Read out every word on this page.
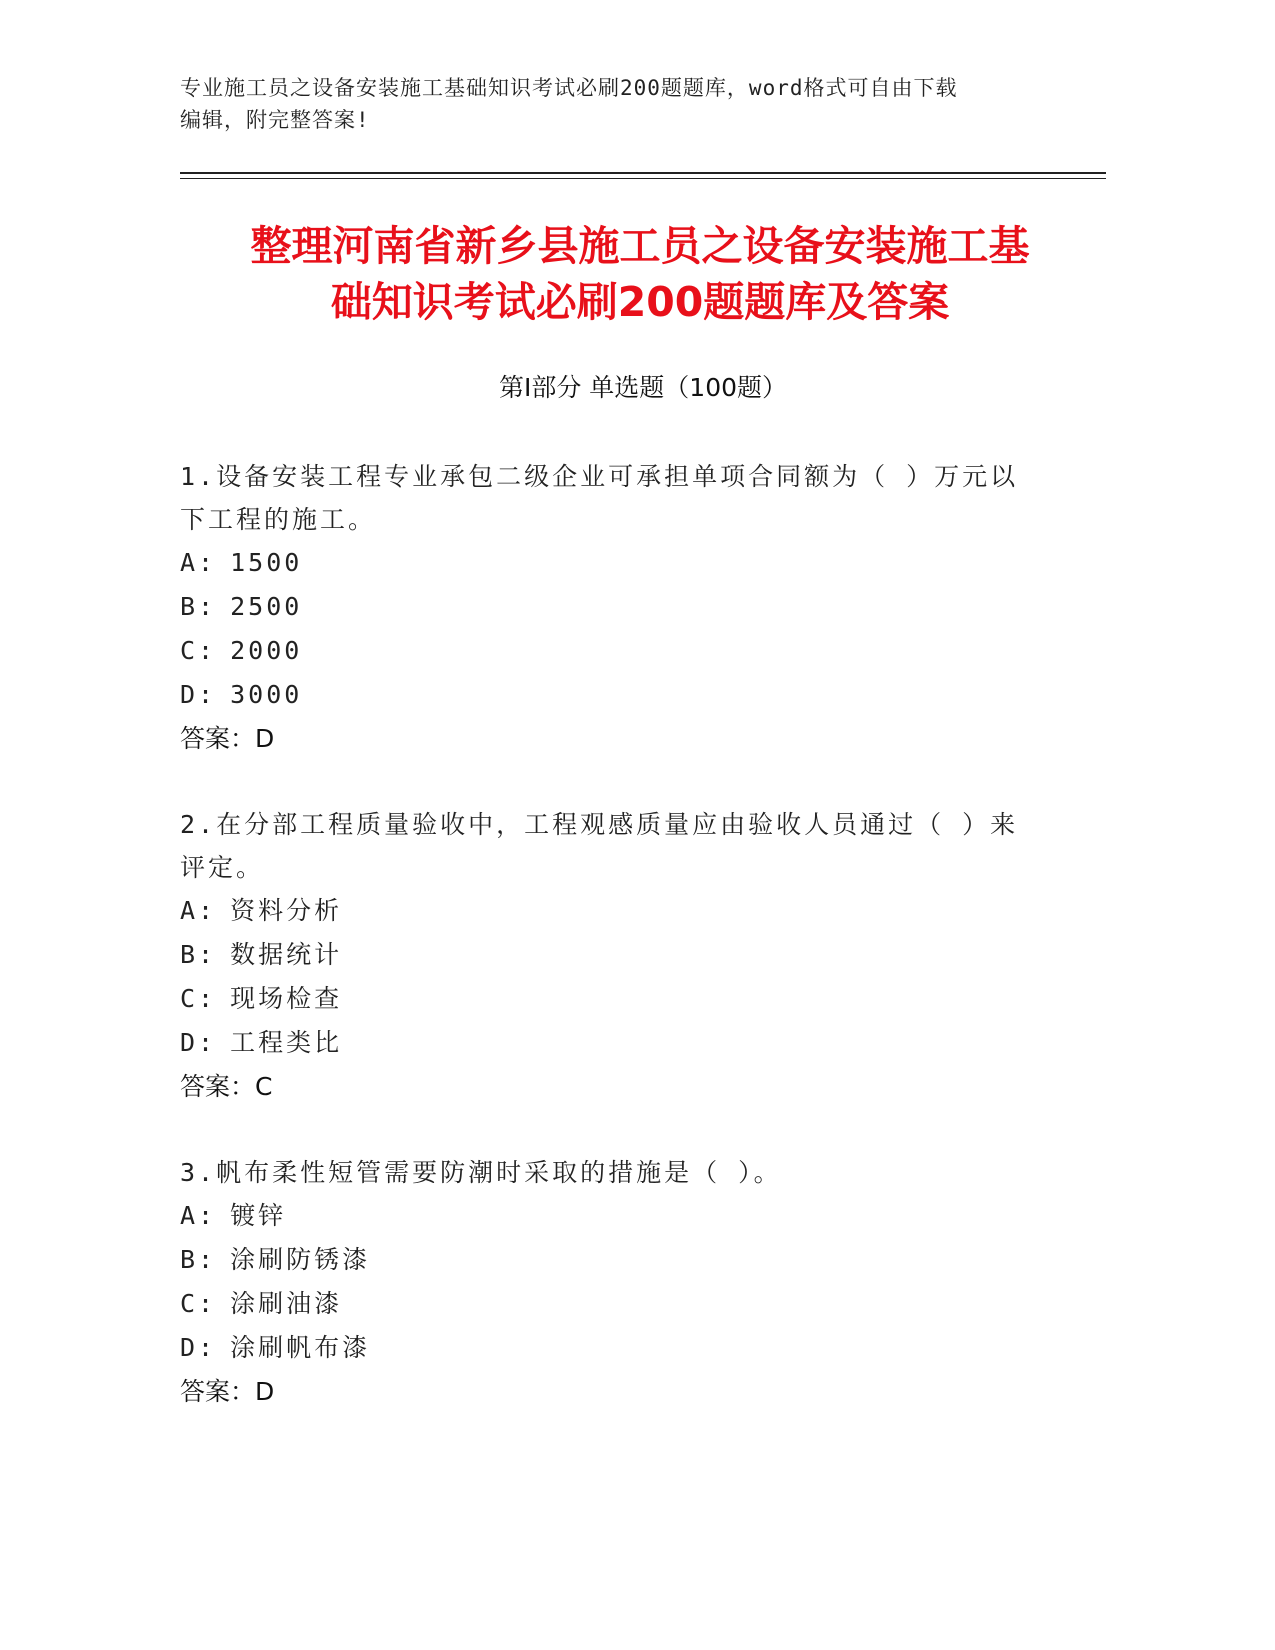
专业施工员之设备安装施工基础知识考试必刷200题题库，word格式可自由下载
编辑，附完整答案!
整理河南省新乡县施工员之设备安装施工基
础知识考试必刷200题题库及答案
第Ⅰ部分 单选题（100题）

1.设备安装工程专业承包二级企业可承担单项合同额为（ ）万元以下工程的施工。

A: 1500

B: 2500

C: 2000

D: 3000

答案：D

2.在分部工程质量验收中，工程观感质量应由验收人员通过（ ）来评定。

A: 资料分析

B: 数据统计

C: 现场检查

D: 工程类比

答案：C

3.帆布柔性短管需要防潮时采取的措施是（ ）。

A: 镀锌

B: 涂刷防锈漆

C: 涂刷油漆

D: 涂刷帆布漆

答案：D
